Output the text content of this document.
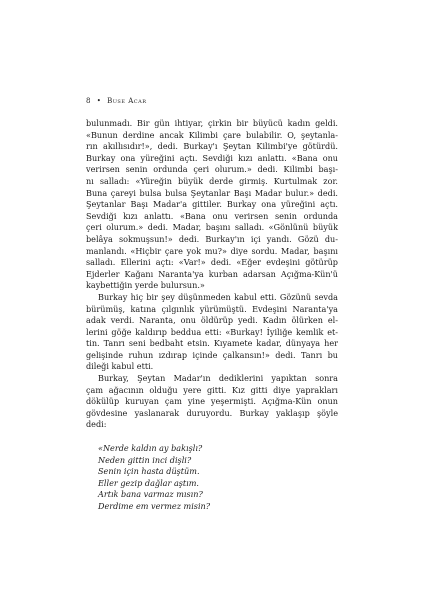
8 • Buse Acar
bulunmadı. Bir gün ihtiyar, çirkin bir büyücü kadın geldi.
«Bunun derdine ancak Kilimbi çare bulabilir. O, şeytanla-
rın akıllısıdır!», dedi. Burkay'ı Şeytan Kilimbi'ye götürdü.
Burkay ona yüreğini açtı. Sevdiği kızı anlattı. «Bana onu
verirsen senin ordunda çeri olurum.» dedi. Kilimbi başı-
nı salladı: «Yüreğin büyük derde girmiş. Kurtulmak zor.
Buna çareyi bulsa bulsa Şeytanlar Başı Madar bulur.» dedi.
Şeytanlar Başı Madar'a gittiler. Burkay ona yüreğini açtı.
Sevdiği kızı anlattı. «Bana onu verirsen senin ordunda
çeri olurum.» dedi. Madar, başını salladı. «Gönlünü büyük
belâya sokmuşsun!» dedi. Burkay'ın içi yandı. Gözü du-
manlandı. «Hiçbir çare yok mu?» diye sordu. Madar, başını
salladı. Ellerini açtı: «Var!» dedi. «Eğer evdeşini götürüp
Ejderler Kağanı Naranta'ya kurban adarsan Açığma-Kün'ü
kaybettiğin yerde bulursun.»
Burkay hiç bir şey düşünmeden kabul etti. Gözünü sevda
bürümüş, katına çılgınlık yürümüştü. Evdeşini Naranta'ya
adak verdi. Naranta, onu öldürüp yedi. Kadın ölürken el-
lerini göğe kaldırıp beddua etti: «Burkay! İyiliğe kemlik et-
tin. Tanrı seni bedbaht etsin. Kıyamete kadar, dünyaya her
gelişinde ruhun ızdırap içinde çalkansın!» dedi. Tanrı bu
dileği kabul etti.
Burkay, Şeytan Madar'ın dediklerini yapıktan sonra
çam ağacının olduğu yere gitti. Kız gitti diye yaprakları
dökülüp kuruyan çam yine yeşermişti. Açığma-Kün onun
gövdesine yaslanarak duruyordu. Burkay yaklaşıp şöyle
dedi:
«Nerde kaldın ay bakışlı?
Neden gittin inci dişli?
Senin için hasta düştüm.
Eller gezip dağlar aştım.
Artık bana varmaz mısın?
Derdime em vermez misin?
